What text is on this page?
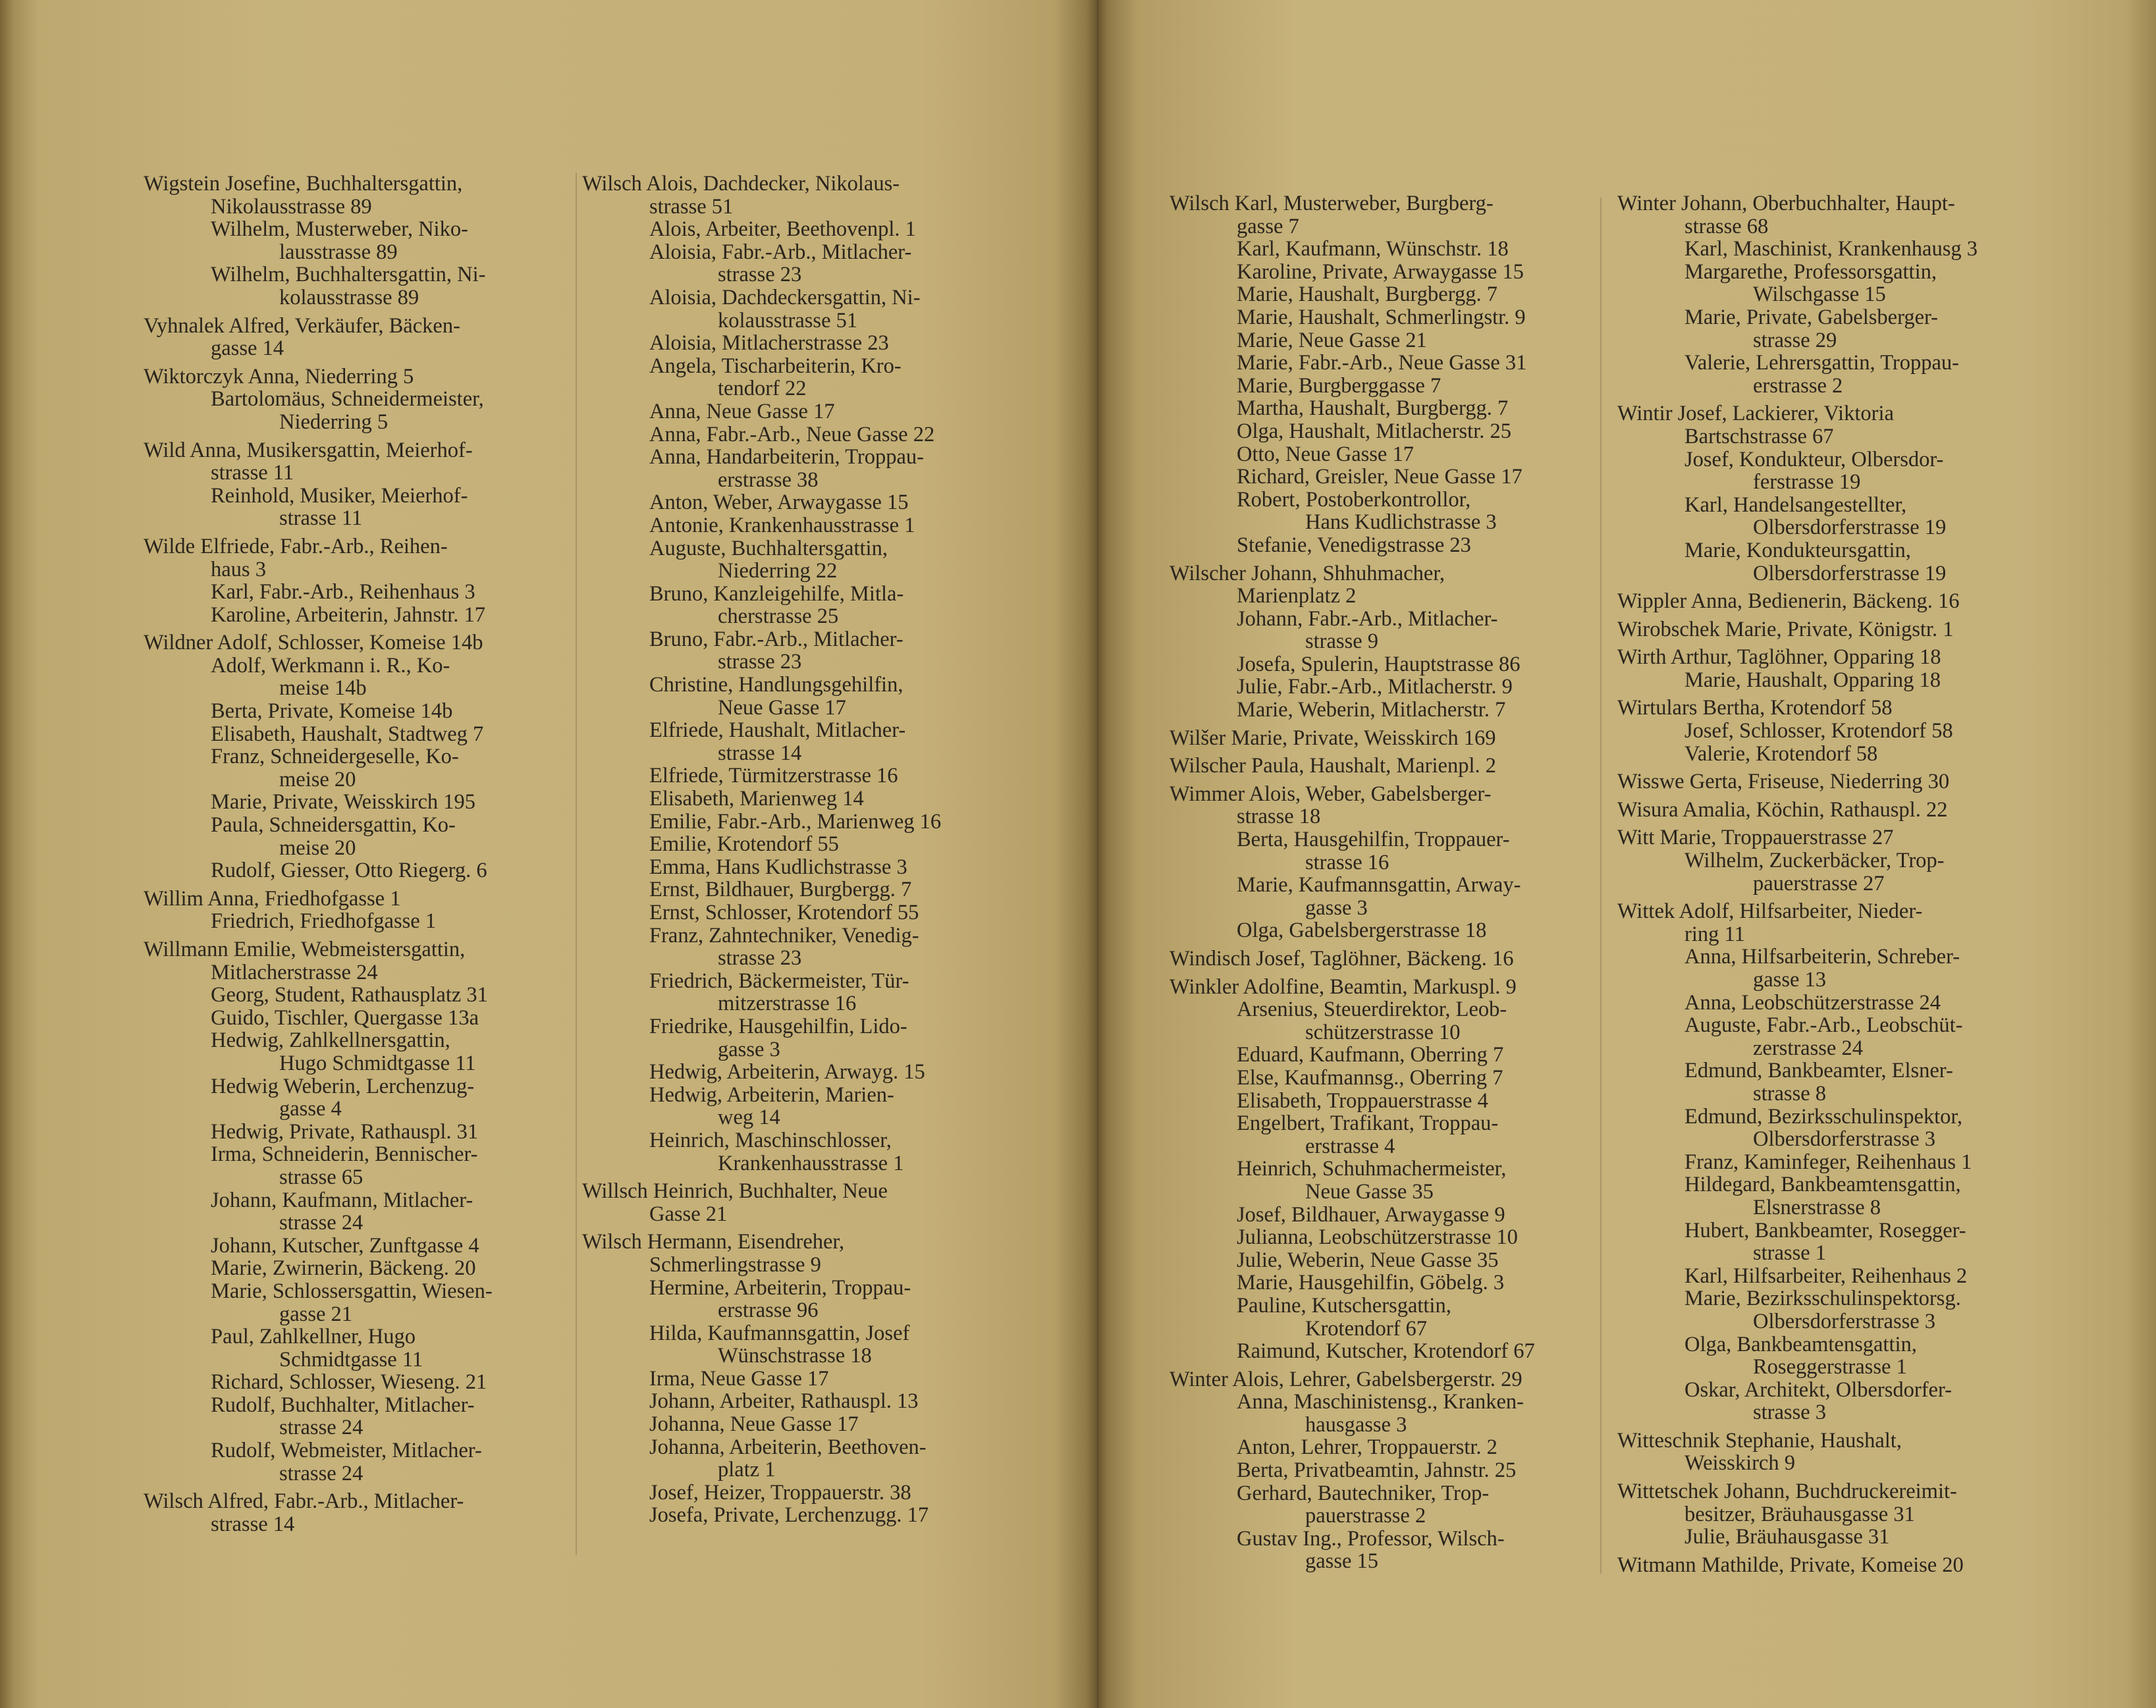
Wigstein Josefine, Buchhaltersgattin,
Nikolausstrasse 89
Wilhelm, Musterweber, Niko-
lausstrasse 89
Wilhelm, Buchhaltersgattin, Ni-
kolausstrasse 89
Vyhnalek Alfred, Verkäufer, Bäcken-
gasse 14
Wiktorczyk Anna, Niederring 5
Bartolomäus, Schneidermeister,
Niederring 5
Wild Anna, Musikersgattin, Meierhof-
strasse 11
Reinhold, Musiker, Meierhof-
strasse 11
Wilde Elfriede, Fabr.-Arb., Reihen-
haus 3
Karl, Fabr.-Arb., Reihenhaus 3
Karoline, Arbeiterin, Jahnstr. 17
Wildner Adolf, Schlosser, Komeise 14b
Adolf, Werkmann i. R., Ko-
meise 14b
Berta, Private, Komeise 14b
Elisabeth, Haushalt, Stadtweg 7
Franz, Schneidergeselle, Ko-
meise 20
Marie, Private, Weisskirch 195
Paula, Schneidersgattin, Ko-
meise 20
Rudolf, Giesser, Otto Riegerg. 6
Willim Anna, Friedhofgasse 1
Friedrich, Friedhofgasse 1
Willmann Emilie, Webmeistersgattin,
Mitlacherstrasse 24
Georg, Student, Rathausplatz 31
Guido, Tischler, Quergasse 13a
Hedwig, Zahlkellnersgattin,
Hugo Schmidtgasse 11
Hedwig Weberin, Lerchenzug-
gasse 4
Hedwig, Private, Rathauspl. 31
Irma, Schneiderin, Bennischer-
strasse 65
Johann, Kaufmann, Mitlacher-
strasse 24
Johann, Kutscher, Zunftgasse 4
Marie, Zwirnerin, Bäckeng. 20
Marie, Schlossersgattin, Wiesen-
gasse 21
Paul, Zahlkellner, Hugo
Schmidtgasse 11
Richard, Schlosser, Wieseng. 21
Rudolf, Buchhalter, Mitlacher-
strasse 24
Rudolf, Webmeister, Mitlacher-
strasse 24
Wilsch Alfred, Fabr.-Arb., Mitlacher-
strasse 14
Wilsch Alois, Dachdecker, Nikolaus-
strasse 51
Alois, Arbeiter, Beethovenpl. 1
Aloisia, Fabr.-Arb., Mitlacher-
strasse 23
Aloisia, Dachdeckersgattin, Ni-
kolausstrasse 51
Aloisia, Mitlacherstrasse 23
Angela, Tischarbeiterin, Kro-
tendorf 22
Anna, Neue Gasse 17
Anna, Fabr.-Arb., Neue Gasse 22
Anna, Handarbeiterin, Troppau-
erstrasse 38
Anton, Weber, Arwaygasse 15
Antonie, Krankenhausstrasse 1
Auguste, Buchhaltersgattin,
Niederring 22
Bruno, Kanzleigehilfe, Mitla-
cherstrasse 25
Bruno, Fabr.-Arb., Mitlacher-
strasse 23
Christine, Handlungsgehilfin,
Neue Gasse 17
Elfriede, Haushalt, Mitlacher-
strasse 14
Elfriede, Türmitzerstrasse 16
Elisabeth, Marienweg 14
Emilie, Fabr.-Arb., Marienweg 16
Emilie, Krotendorf 55
Emma, Hans Kudlichstrasse 3
Ernst, Bildhauer, Burgbergg. 7
Ernst, Schlosser, Krotendorf 55
Franz, Zahntechniker, Venedig-
strasse 23
Friedrich, Bäckermeister, Tür-
mitzerstrasse 16
Friedrike, Hausgehilfin, Lido-
gasse 3
Hedwig, Arbeiterin, Arwayg. 15
Hedwig, Arbeiterin, Marien-
weg 14
Heinrich, Maschinschlosser,
Krankenhausstrasse 1
Willsch Heinrich, Buchhalter, Neue
Gasse 21
Wilsch Hermann, Eisendreher,
Schmerlingstrasse 9
Hermine, Arbeiterin, Troppau-
erstrasse 96
Hilda, Kaufmannsgattin, Josef
Wünschstrasse 18
Irma, Neue Gasse 17
Johann, Arbeiter, Rathauspl. 13
Johanna, Neue Gasse 17
Johanna, Arbeiterin, Beethoven-
platz 1
Josef, Heizer, Troppauerstr. 38
Josefa, Private, Lerchenzugg. 17
Wilsch Karl, Musterweber, Burgberg-
gasse 7
Karl, Kaufmann, Wünschstr. 18
Karoline, Private, Arwaygasse 15
Marie, Haushalt, Burgbergg. 7
Marie, Haushalt, Schmerlingstr. 9
Marie, Neue Gasse 21
Marie, Fabr.-Arb., Neue Gasse 31
Marie, Burgberggasse 7
Martha, Haushalt, Burgbergg. 7
Olga, Haushalt, Mitlacherstr. 25
Otto, Neue Gasse 17
Richard, Greisler, Neue Gasse 17
Robert, Postoberkontrollor,
Hans Kudlichstrasse 3
Stefanie, Venedigstrasse 23
Wilscher Johann, Shhuhmacher,
Marienplatz 2
Johann, Fabr.-Arb., Mitlacher-
strasse 9
Josefa, Spulerin, Hauptstrasse 86
Julie, Fabr.-Arb., Mitlacherstr. 9
Marie, Weberin, Mitlacherstr. 7
Wilšer Marie, Private, Weisskirch 169
Wilscher Paula, Haushalt, Marienpl. 2
Wimmer Alois, Weber, Gabelsberger-
strasse 18
Berta, Hausgehilfin, Troppauer-
strasse 16
Marie, Kaufmannsgattin, Arway-
gasse 3
Olga, Gabelsbergerstrasse 18
Windisch Josef, Taglöhner, Bäckeng. 16
Winkler Adolfine, Beamtin, Markuspl. 9
Arsenius, Steuerdirektor, Leob-
schützerstrasse 10
Eduard, Kaufmann, Oberring 7
Else, Kaufmannsg., Oberring 7
Elisabeth, Troppauerstrasse 4
Engelbert, Trafikant, Troppau-
erstrasse 4
Heinrich, Schuhmachermeister,
Neue Gasse 35
Josef, Bildhauer, Arwaygasse 9
Julianna, Leobschützerstrasse 10
Julie, Weberin, Neue Gasse 35
Marie, Hausgehilfin, Göbelg. 3
Pauline, Kutschersgattin,
Krotendorf 67
Raimund, Kutscher, Krotendorf 67
Winter Alois, Lehrer, Gabelsbergerstr. 29
Anna, Maschinistensg., Kranken-
hausgasse 3
Anton, Lehrer, Troppauerstr. 2
Berta, Privatbeamtin, Jahnstr. 25
Gerhard, Bautechniker, Trop-
pauerstrasse 2
Gustav Ing., Professor, Wilsch-
gasse 15
Winter Johann, Oberbuchhalter, Haupt-
strasse 68
Karl, Maschinist, Krankenhausg 3
Margarethe, Professorsgattin,
Wilschgasse 15
Marie, Private, Gabelsberger-
strasse 29
Valerie, Lehrersgattin, Troppau-
erstrasse 2
Wintir Josef, Lackierer, Viktoria
Bartschstrasse 67
Josef, Kondukteur, Olbersdor-
ferstrasse 19
Karl, Handelsangestellter,
Olbersdorferstrasse 19
Marie, Kondukteursgattin,
Olbersdorferstrasse 19
Wippler Anna, Bedienerin, Bäckeng. 16
Wirobschek Marie, Private, Königstr. 1
Wirth Arthur, Taglöhner, Opparing 18
Marie, Haushalt, Opparing 18
Wirtulars Bertha, Krotendorf 58
Josef, Schlosser, Krotendorf 58
Valerie, Krotendorf 58
Wisswe Gerta, Friseuse, Niederring 30
Wisura Amalia, Köchin, Rathauspl. 22
Witt Marie, Troppauerstrasse 27
Wilhelm, Zuckerbäcker, Trop-
pauerstrasse 27
Wittek Adolf, Hilfsarbeiter, Nieder-
ring 11
Anna, Hilfsarbeiterin, Schreber-
gasse 13
Anna, Leobschützerstrasse 24
Auguste, Fabr.-Arb., Leobschüt-
zerstrasse 24
Edmund, Bankbeamter, Elsner-
strasse 8
Edmund, Bezirksschulinspektor,
Olbersdorferstrasse 3
Franz, Kaminfeger, Reihenhaus 1
Hildegard, Bankbeamtensgattin,
Elsnerstrasse 8
Hubert, Bankbeamter, Rosegger-
strasse 1
Karl, Hilfsarbeiter, Reihenhaus 2
Marie, Bezirksschulinspektorsg.
Olbersdorferstrasse 3
Olga, Bankbeamtensgattin,
Roseggerstrasse 1
Oskar, Architekt, Olbersdorfer-
strasse 3
Witteschnik Stephanie, Haushalt,
Weisskirch 9
Wittetschek Johann, Buchdruckereimit-
besitzer, Bräuhausgasse 31
Julie, Bräuhausgasse 31
Witmann Mathilde, Private, Komeise 20
